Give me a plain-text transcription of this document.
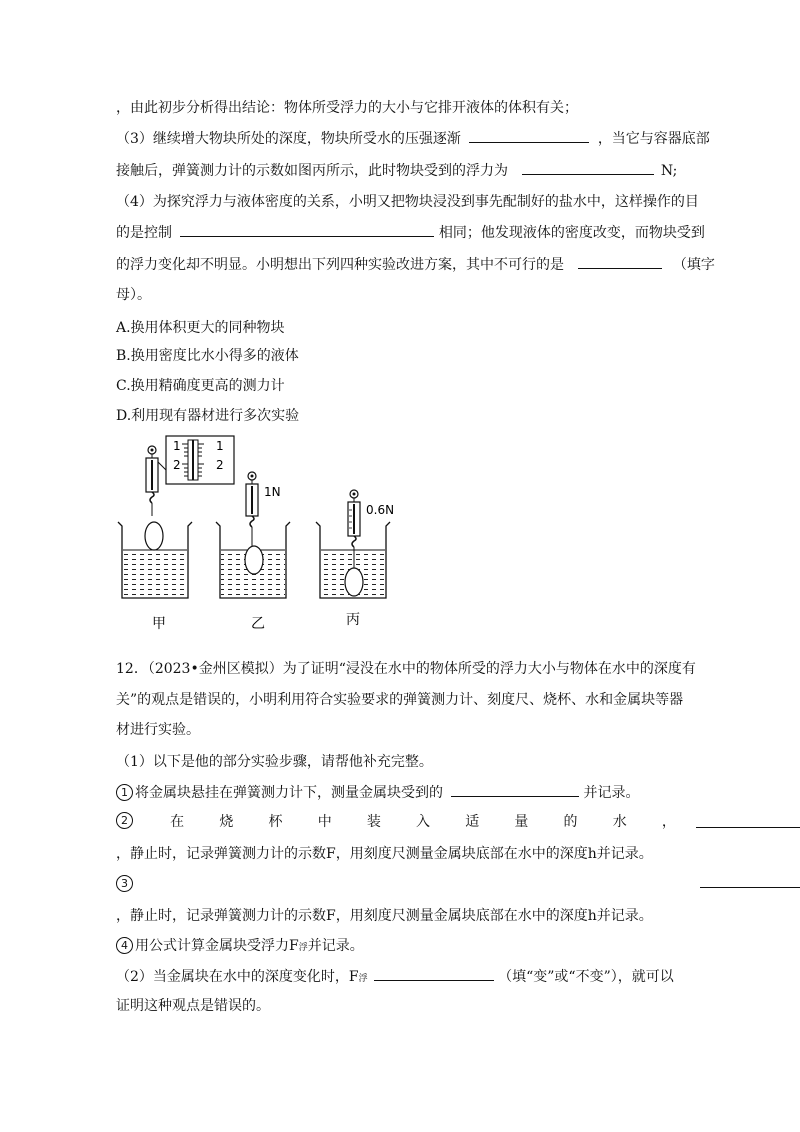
，由此初步分析得出结论：物体所受浮力的大小与它排开液体的体积有关；
（3）继续增大物块所处的深度，物块所受水的压强逐渐	，当它与容器底部
接触后，弹簧测力计的示数如图丙所示，此时物块受到的浮力为	N;
（4）为探究浮力与液体密度的关系，小明又把物块浸没到事先配制好的盐水中，这样操作的目
的是控制	相同；他发现液体的密度改变，而物块受到
的浮力变化却不明显。小明想出下列四种实验改进方案，其中不可行的是	（填字
母）。
A.换用体积更大的同种物块
B.换用密度比水小得多的液体
C.换用精确度更高的测力计
D.利用现有器材进行多次实验
1
2
1
2
甲
1N
乙
0.6N
丙
12．（2023•金州区模拟）为了证明“浸没在水中的物体所受的浮力大小与物体在水中的深度有
关”的观点是错误的，小明利用符合实验要求的弹簧测力计、刻度尺、烧杯、水和金属块等器
材进行实验。
（1）以下是他的部分实验步骤，请帮他补充完整。
1 将金属块悬挂在弹簧测力计下，测量金属块受到的	并记录。
2	在	烧	杯	中	装	入	适	量	的	水	，
，静止时，记录弹簧测力计的示数F，用刻度尺测量金属块底部在水中的深度h并记录。
3
，静止时，记录弹簧测力计的示数F，用刻度尺测量金属块底部在水中的深度h并记录。
4 用公式计算金属块受浮力F浮并记录。
（2）当金属块在水中的深度变化时，F浮	（填“变”或“不变”），就可以
证明这种观点是错误的。
